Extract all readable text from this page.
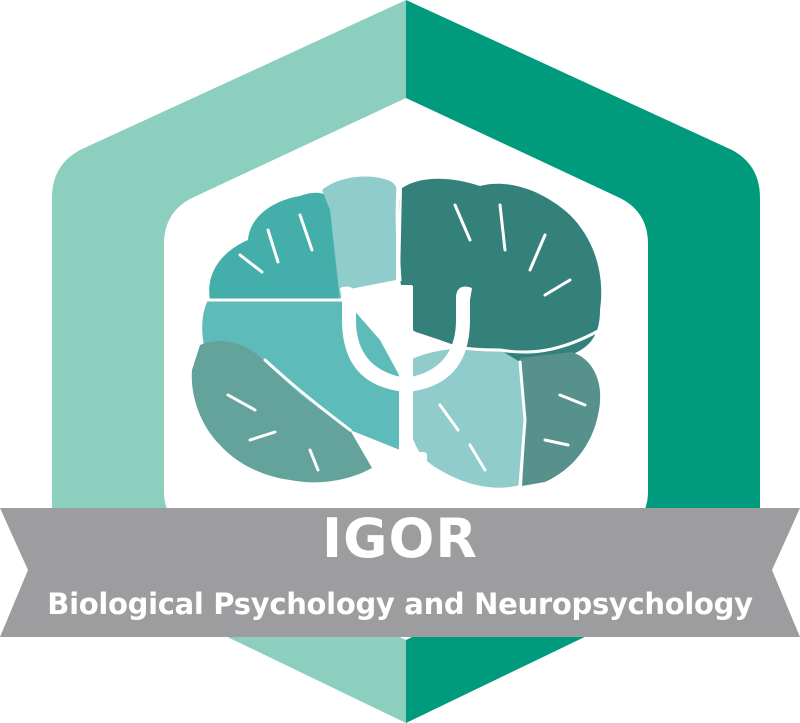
IGOR
Biological Psychology and Neuropsychology
